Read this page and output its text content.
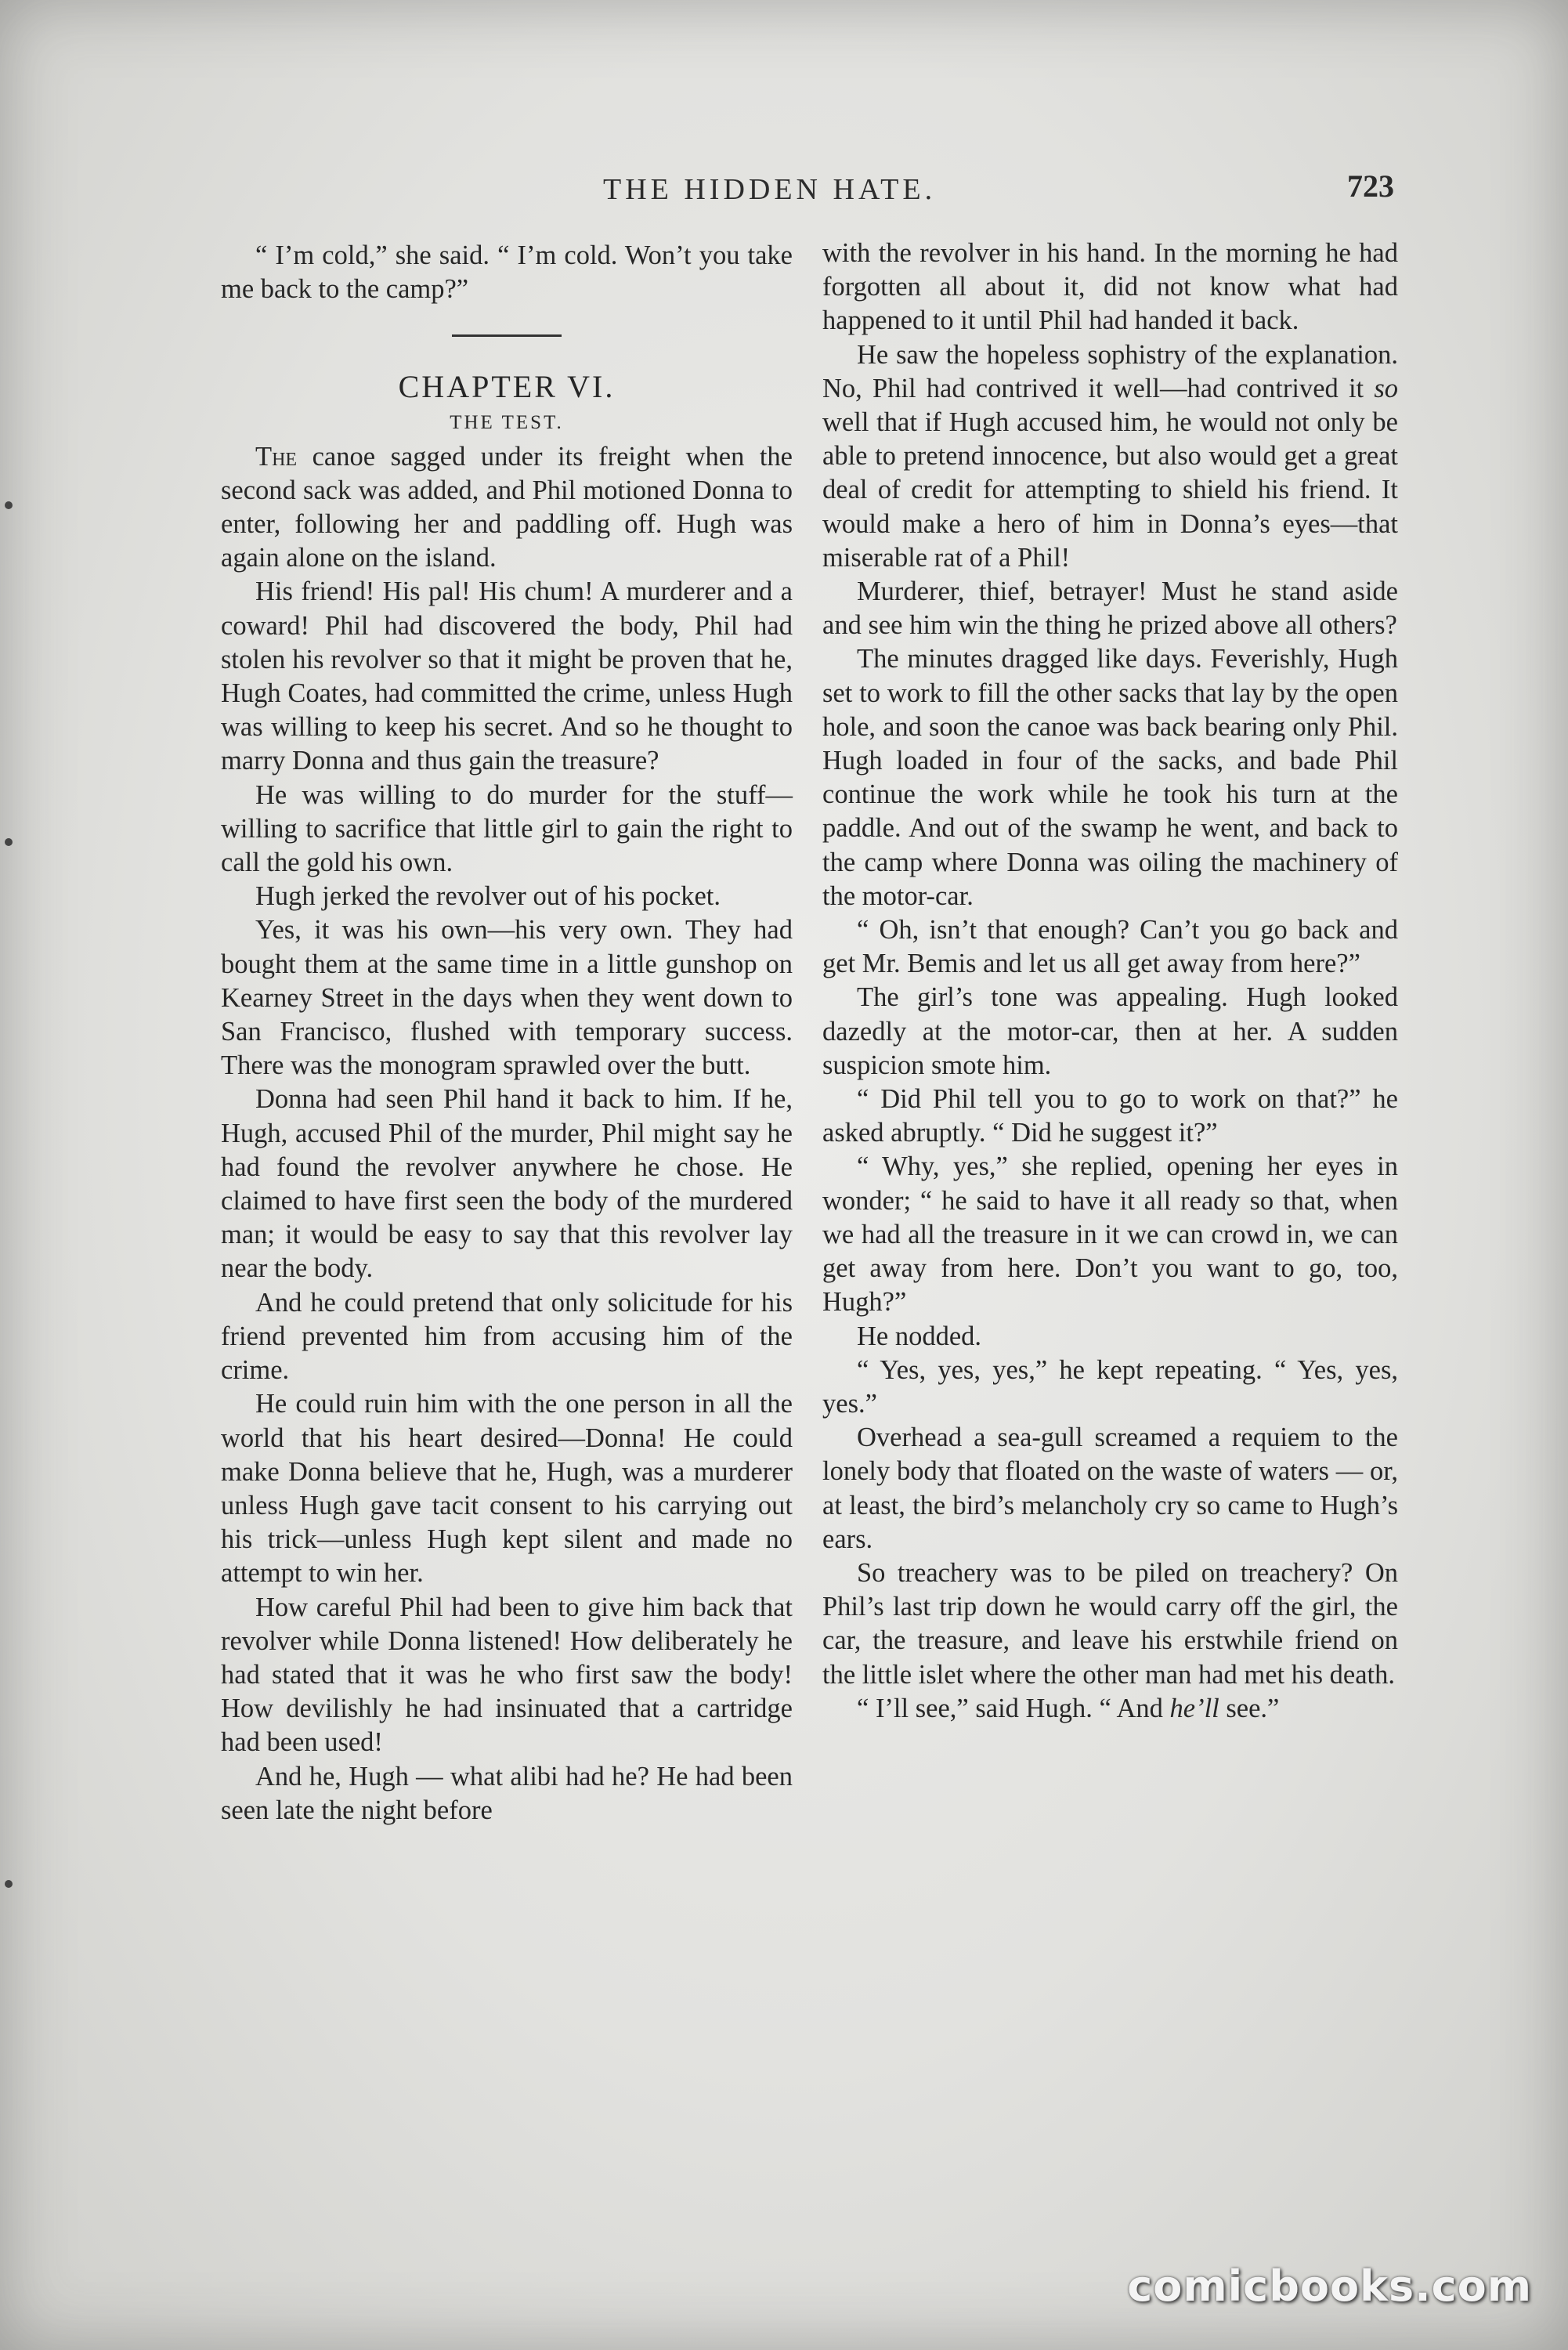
THE HIDDEN HATE.	723

“ I’m cold,” she said. “ I’m cold. Won’t you take me back to the camp?”

CHAPTER VI.

THE TEST.

The canoe sagged under its freight when the second sack was added, and Phil motioned Donna to enter, following her and paddling off. Hugh was again alone on the island.

His friend! His pal! His chum! A murderer and a coward! Phil had discovered the body, Phil had stolen his revolver so that it might be proven that he, Hugh Coates, had committed the crime, unless Hugh was willing to keep his secret. And so he thought to marry Donna and thus gain the treasure?

He was willing to do murder for the stuff—willing to sacrifice that little girl to gain the right to call the gold his own.

Hugh jerked the revolver out of his pocket.

Yes, it was his own—his very own. They had bought them at the same time in a little gunshop on Kearney Street in the days when they went down to San Francisco, flushed with temporary success. There was the monogram sprawled over the butt.

Donna had seen Phil hand it back to him. If he, Hugh, accused Phil of the murder, Phil might say he had found the revolver anywhere he chose. He claimed to have first seen the body of the murdered man; it would be easy to say that this revolver lay near the body.

And he could pretend that only solicitude for his friend prevented him from accusing him of the crime.

He could ruin him with the one person in all the world that his heart desired—Donna! He could make Donna believe that he, Hugh, was a murderer unless Hugh gave tacit consent to his carrying out his trick—unless Hugh kept silent and made no attempt to win her.

How careful Phil had been to give him back that revolver while Donna listened! How deliberately he had stated that it was he who first saw the body! How devilishly he had insinuated that a cartridge had been used!

And he, Hugh — what alibi had he? He had been seen late the night before

with the revolver in his hand. In the morning he had forgotten all about it, did not know what had happened to it until Phil had handed it back.

He saw the hopeless sophistry of the explanation. No, Phil had contrived it well—had contrived it so well that if Hugh accused him, he would not only be able to pretend innocence, but also would get a great deal of credit for attempting to shield his friend. It would make a hero of him in Donna’s eyes—that miserable rat of a Phil!

Murderer, thief, betrayer! Must he stand aside and see him win the thing he prized above all others?

The minutes dragged like days. Feverishly, Hugh set to work to fill the other sacks that lay by the open hole, and soon the canoe was back bearing only Phil. Hugh loaded in four of the sacks, and bade Phil continue the work while he took his turn at the paddle. And out of the swamp he went, and back to the camp where Donna was oiling the machinery of the motor-car.

“ Oh, isn’t that enough? Can’t you go back and get Mr. Bemis and let us all get away from here?”

The girl’s tone was appealing. Hugh looked dazedly at the motor-car, then at her. A sudden suspicion smote him.

“ Did Phil tell you to go to work on that?” he asked abruptly. “ Did he suggest it?”

“ Why, yes,” she replied, opening her eyes in wonder; “ he said to have it all ready so that, when we had all the treasure in it we can crowd in, we can get away from here. Don’t you want to go, too, Hugh?”

He nodded.

“ Yes, yes, yes,” he kept repeating. “ Yes, yes, yes.”

Overhead a sea-gull screamed a requiem to the lonely body that floated on the waste of waters — or, at least, the bird’s melancholy cry so came to Hugh’s ears.

So treachery was to be piled on treachery? On Phil’s last trip down he would carry off the girl, the car, the treasure, and leave his erstwhile friend on the little islet where the other man had met his death.

“ I’ll see,” said Hugh. “ And he’ll see.”

comicbooks.com
